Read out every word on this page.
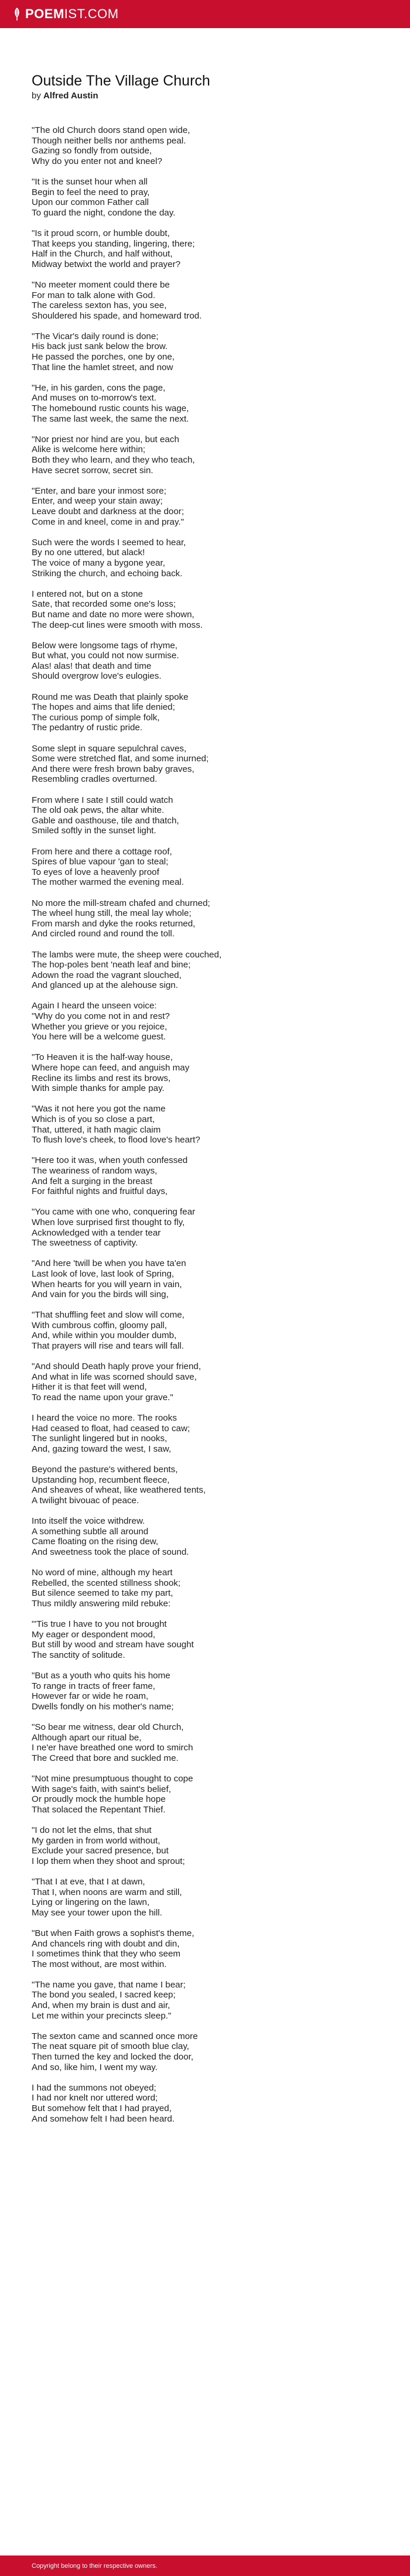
POEMIST.COM
Outside The Village Church
by Alfred Austin
"The old Church doors stand open wide,
Though neither bells nor anthems peal.
Gazing so fondly from outside,
Why do you enter not and kneel?
"It is the sunset hour when all
Begin to feel the need to pray,
Upon our common Father call
To guard the night, condone the day.
"Is it proud scorn, or humble doubt,
That keeps you standing, lingering, there;
Half in the Church, and half without,
Midway betwixt the world and prayer?
"No meeter moment could there be
For man to talk alone with God.
The careless sexton has, you see,
Shouldered his spade, and homeward trod.
"The Vicar's daily round is done;
His back just sank below the brow.
He passed the porches, one by one,
That line the hamlet street, and now
"He, in his garden, cons the page,
And muses on to-morrow's text.
The homebound rustic counts his wage,
The same last week, the same the next.
"Nor priest nor hind are you, but each
Alike is welcome here within;
Both they who learn, and they who teach,
Have secret sorrow, secret sin.
"Enter, and bare your inmost sore;
Enter, and weep your stain away;
Leave doubt and darkness at the door;
Come in and kneel, come in and pray."
Such were the words I seemed to hear,
By no one uttered, but alack!
The voice of many a bygone year,
Striking the church, and echoing back.
I entered not, but on a stone
Sate, that recorded some one's loss;
But name and date no more were shown,
The deep-cut lines were smooth with moss.
Below were longsome tags of rhyme,
But what, you could not now surmise.
Alas! alas! that death and time
Should overgrow love's eulogies.
Round me was Death that plainly spoke
The hopes and aims that life denied;
The curious pomp of simple folk,
The pedantry of rustic pride.
Some slept in square sepulchral caves,
Some were stretched flat, and some inurned;
And there were fresh brown baby graves,
Resembling cradles overturned.
From where I sate I still could watch
The old oak pews, the altar white.
Gable and oasthouse, tile and thatch,
Smiled softly in the sunset light.
From here and there a cottage roof,
Spires of blue vapour 'gan to steal;
To eyes of love a heavenly proof
The mother warmed the evening meal.
No more the mill-stream chafed and churned;
The wheel hung still, the meal lay whole;
From marsh and dyke the rooks returned,
And circled round and round the toll.
The lambs were mute, the sheep were couched,
The hop-poles bent 'neath leaf and bine;
Adown the road the vagrant slouched,
And glanced up at the alehouse sign.
Again I heard the unseen voice:
"Why do you come not in and rest?
Whether you grieve or you rejoice,
You here will be a welcome guest.
"To Heaven it is the half-way house,
Where hope can feed, and anguish may
Recline its limbs and rest its brows,
With simple thanks for ample pay.
"Was it not here you got the name
Which is of you so close a part,
That, uttered, it hath magic claim
To flush love's cheek, to flood love's heart?
"Here too it was, when youth confessed
The weariness of random ways,
And felt a surging in the breast
For faithful nights and fruitful days,
"You came with one who, conquering fear
When love surprised first thought to fly,
Acknowledged with a tender tear
The sweetness of captivity.
"And here 'twill be when you have ta'en
Last look of love, last look of Spring,
When hearts for you will yearn in vain,
And vain for you the birds will sing,
"That shuffling feet and slow will come,
With cumbrous coffin, gloomy pall,
And, while within you moulder dumb,
That prayers will rise and tears will fall.
"And should Death haply prove your friend,
And what in life was scorned should save,
Hither it is that feet will wend,
To read the name upon your grave."
I heard the voice no more. The rooks
Had ceased to float, had ceased to caw;
The sunlight lingered but in nooks,
And, gazing toward the west, I saw,
Beyond the pasture's withered bents,
Upstanding hop, recumbent fleece,
And sheaves of wheat, like weathered tents,
A twilight bivouac of peace.
Into itself the voice withdrew.
A something subtle all around
Came floating on the rising dew,
And sweetness took the place of sound.
No word of mine, although my heart
Rebelled, the scented stillness shook;
But silence seemed to take my part,
Thus mildly answering mild rebuke:
"'Tis true I have to you not brought
My eager or despondent mood,
But still by wood and stream have sought
The sanctity of solitude.
"But as a youth who quits his home
To range in tracts of freer fame,
However far or wide he roam,
Dwells fondly on his mother's name;
"So bear me witness, dear old Church,
Although apart our ritual be,
I ne'er have breathed one word to smirch
The Creed that bore and suckled me.
"Not mine presumptuous thought to cope
With sage's faith, with saint's belief,
Or proudly mock the humble hope
That solaced the Repentant Thief.
"I do not let the elms, that shut
My garden in from world without,
Exclude your sacred presence, but
I lop them when they shoot and sprout;
"That I at eve, that I at dawn,
That I, when noons are warm and still,
Lying or lingering on the lawn,
May see your tower upon the hill.
"But when Faith grows a sophist's theme,
And chancels ring with doubt and din,
I sometimes think that they who seem
The most without, are most within.
"The name you gave, that name I bear;
The bond you sealed, I sacred keep;
And, when my brain is dust and air,
Let me within your precincts sleep."
The sexton came and scanned once more
The neat square pit of smooth blue clay,
Then turned the key and locked the door,
And so, like him, I went my way.
I had the summons not obeyed;
I had nor knelt nor uttered word;
But somehow felt that I had prayed,
And somehow felt I had been heard.
Copyright belong to their respective owners.
